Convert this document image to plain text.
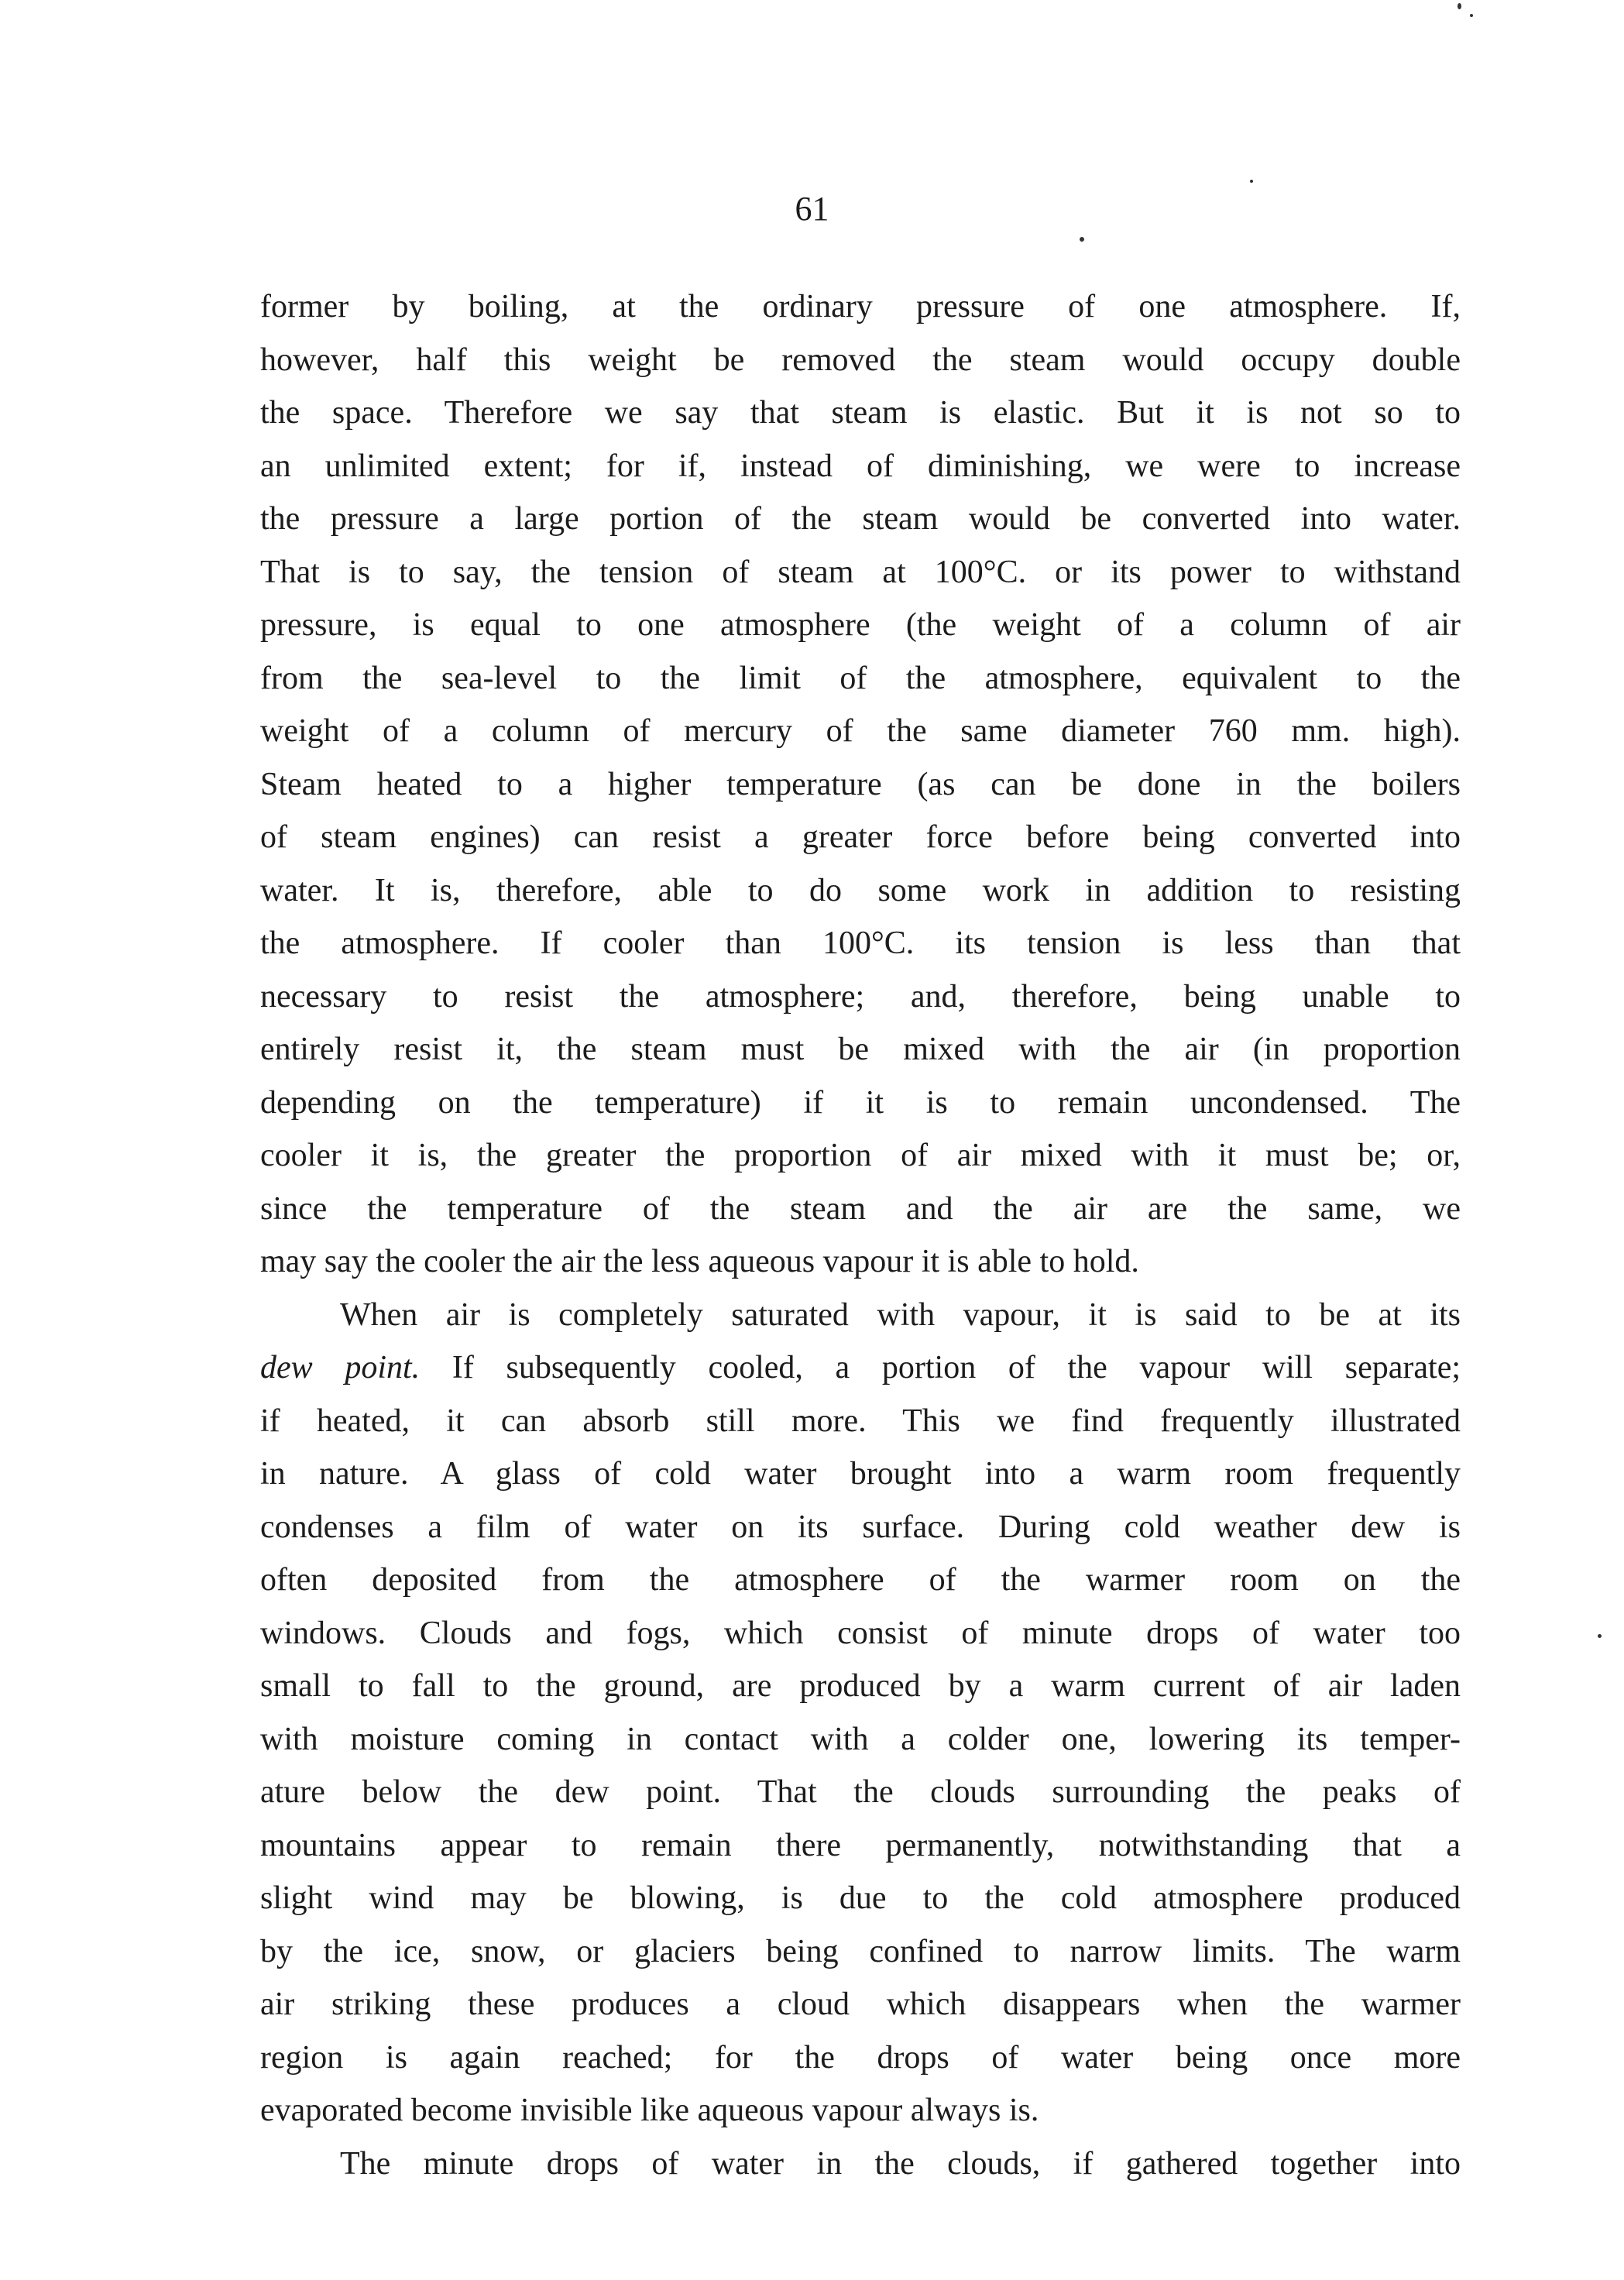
61
former by boiling, at the ordinary pressure of one atmosphere. If,
however, half this weight be removed the steam would occupy double
the space. Therefore we say that steam is elastic. But it is not so to
an unlimited extent; for if, instead of diminishing, we were to increase
the pressure a large portion of the steam would be converted into water.
That is to say, the tension of steam at 100°C. or its power to withstand
pressure, is equal to one atmosphere (the weight of a column of air
from the sea-level to the limit of the atmosphere, equivalent to the
weight of a column of mercury of the same diameter 760 mm. high).
Steam heated to a higher temperature (as can be done in the boilers
of steam engines) can resist a greater force before being converted into
water. It is, therefore, able to do some work in addition to resisting
the atmosphere. If cooler than 100°C. its tension is less than that
necessary to resist the atmosphere; and, therefore, being unable to
entirely resist it, the steam must be mixed with the air (in proportion
depending on the temperature) if it is to remain uncondensed. The
cooler it is, the greater the proportion of air mixed with it must be; or,
since the temperature of the steam and the air are the same, we
may say the cooler the air the less aqueous vapour it is able to hold.
When air is completely saturated with vapour, it is said to be at its
dew point. If subsequently cooled, a portion of the vapour will separate;
if heated, it can absorb still more. This we find frequently illustrated
in nature. A glass of cold water brought into a warm room frequently
condenses a film of water on its surface. During cold weather dew is
often deposited from the atmosphere of the warmer room on the
windows. Clouds and fogs, which consist of minute drops of water too
small to fall to the ground, are produced by a warm current of air laden
with moisture coming in contact with a colder one, lowering its temper-
ature below the dew point. That the clouds surrounding the peaks of
mountains appear to remain there permanently, notwithstanding that a
slight wind may be blowing, is due to the cold atmosphere produced
by the ice, snow, or glaciers being confined to narrow limits. The warm
air striking these produces a cloud which disappears when the warmer
region is again reached; for the drops of water being once more
evaporated become invisible like aqueous vapour always is.
The minute drops of water in the clouds, if gathered together into
